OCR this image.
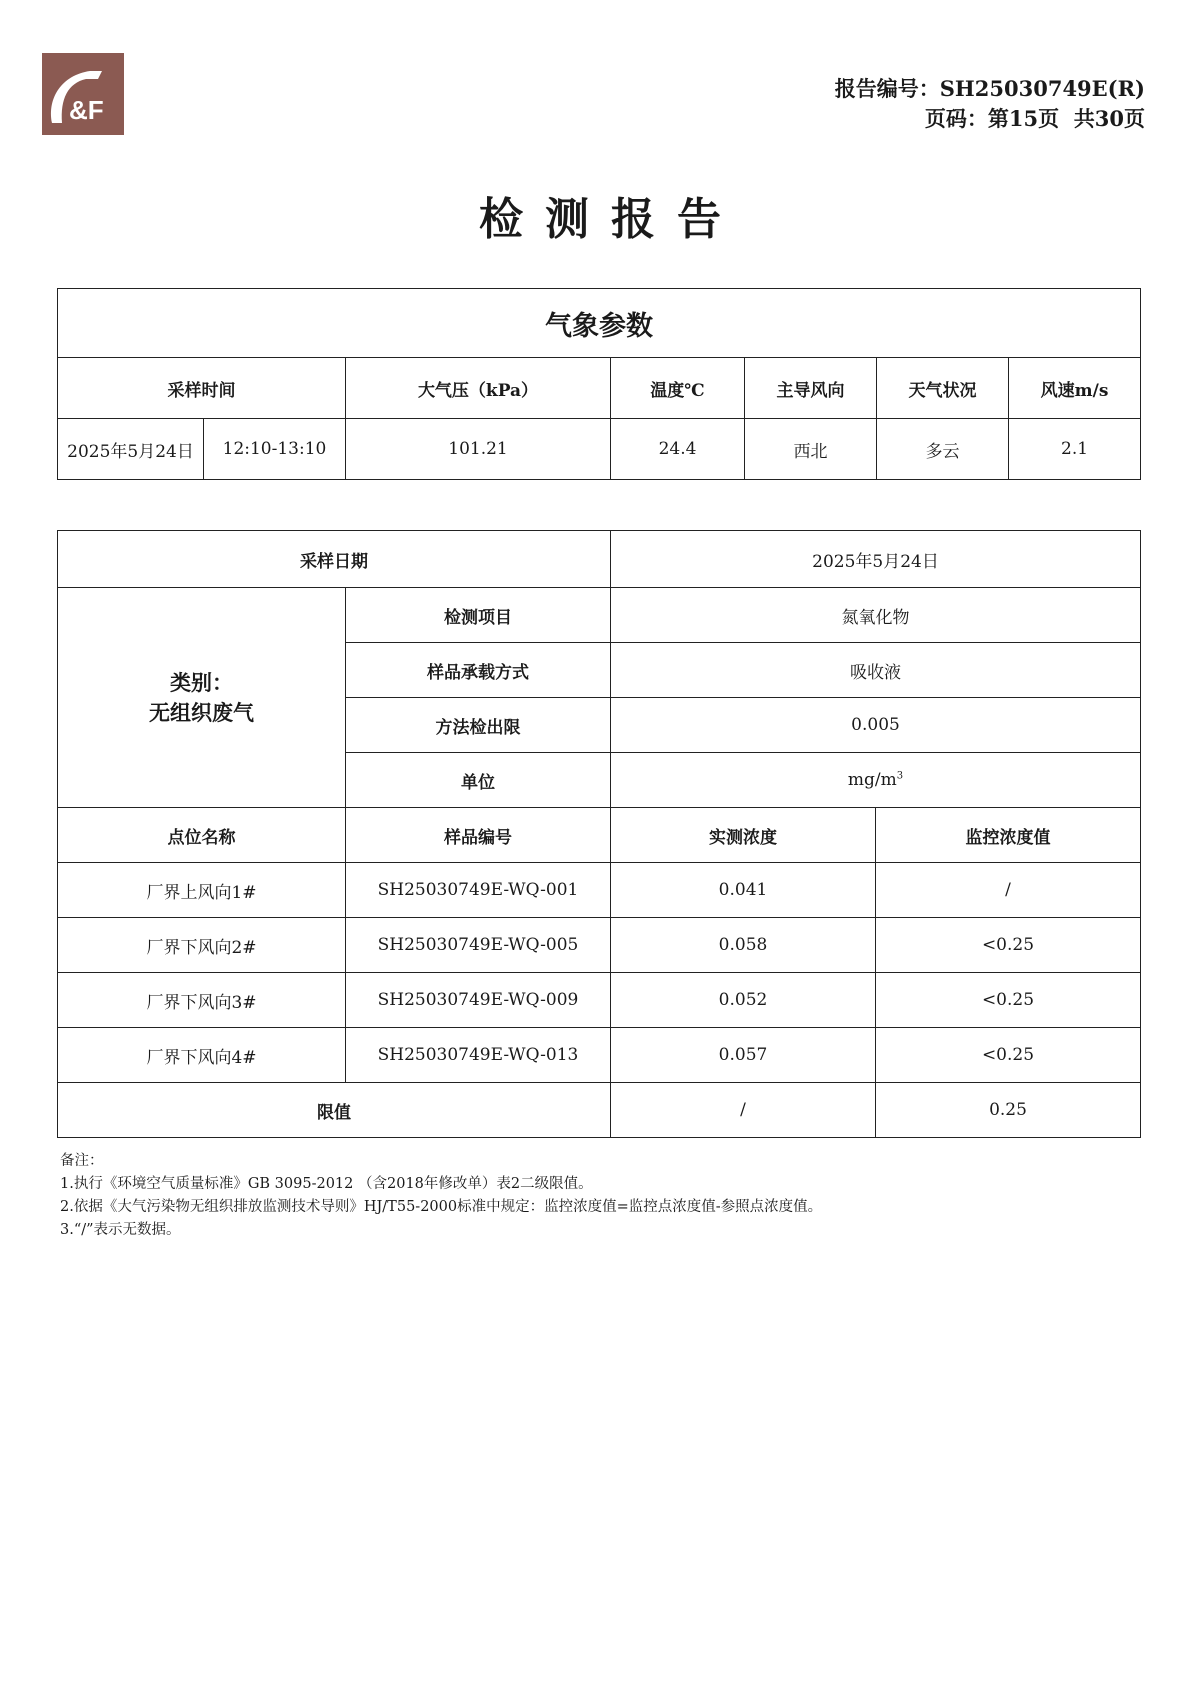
&F
报告编号：SH25030749E(R)
页码：第15页 共30页
检测报告
气象参数						
采样时间		大气压（kPa）	温度℃	主导风向	天气状况	风速m/s
2025年5月24日	12:10-13:10	101.21	24.4	西北	多云	2.1
采样日期		2025年5月24日	

类别：
无组织废气	检测项目	氮氧化物	
	样品承载方式	吸收液	
	方法检出限	0.005	
	单位	$mg/m^3$
点位名称	样品编号	实测浓度	监控浓度值
厂界上风向1#	SH25030749E-WQ-001	0.041	/
厂界下风向2#	SH25030749E-WQ-005	0.058	<0.25
厂界下风向3#	SH25030749E-WQ-009	0.052	<0.25
厂界下风向4#	SH25030749E-WQ-013	0.057	<0.25
限值		/	0.25
备注：
1.执行《环境空气质量标准》GB 3095-2012 （含2018年修改单）表2二级限值。
2.依据《大气污染物无组织排放监测技术导则》HJ/T55-2000标准中规定：监控浓度值=监控点浓度值-参照点浓度值。
3.“/”表示无数据。
